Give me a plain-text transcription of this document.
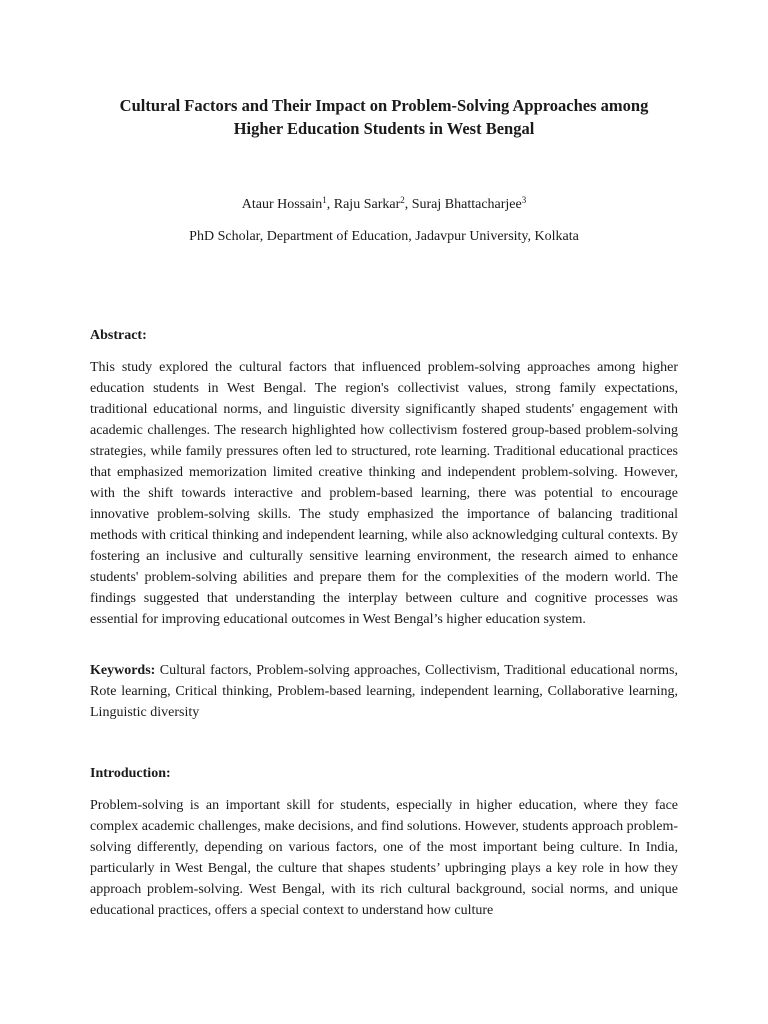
Cultural Factors and Their Impact on Problem-Solving Approaches among
Higher Education Students in West Bengal
Ataur Hossain$^1$, Raju Sarkar$^2$, Suraj Bhattacharjee$^3$
PhD Scholar, Department of Education, Jadavpur University, Kolkata
Abstract:

This study explored the cultural factors that influenced problem-solving approaches among higher education students in West Bengal. The region's collectivist values, strong family expectations, traditional educational norms, and linguistic diversity significantly shaped students' engagement with academic challenges. The research highlighted how collectivism fostered group-based problem-solving strategies, while family pressures often led to structured, rote learning. Traditional educational practices that emphasized memorization limited creative thinking and independent problem-solving. However, with the shift towards interactive and problem-based learning, there was potential to encourage innovative problem-solving skills. The study emphasized the importance of balancing traditional methods with critical thinking and independent learning, while also acknowledging cultural contexts. By fostering an inclusive and culturally sensitive learning environment, the research aimed to enhance students' problem-solving abilities and prepare them for the complexities of the modern world. The findings suggested that understanding the interplay between culture and cognitive processes was essential for improving educational outcomes in West Bengal’s higher education system.

Keywords: Cultural factors, Problem-solving approaches, Collectivism, Traditional educational norms, Rote learning, Critical thinking, Problem-based learning, independent learning, Collaborative learning, Linguistic diversity

Introduction:

Problem-solving is an important skill for students, especially in higher education, where they face complex academic challenges, make decisions, and find solutions. However, students approach problem-solving differently, depending on various factors, one of the most important being culture. In India, particularly in West Bengal, the culture that shapes students’ upbringing plays a key role in how they approach problem-solving. West Bengal, with its rich cultural background, social norms, and unique educational practices, offers a special context to understand how culture
